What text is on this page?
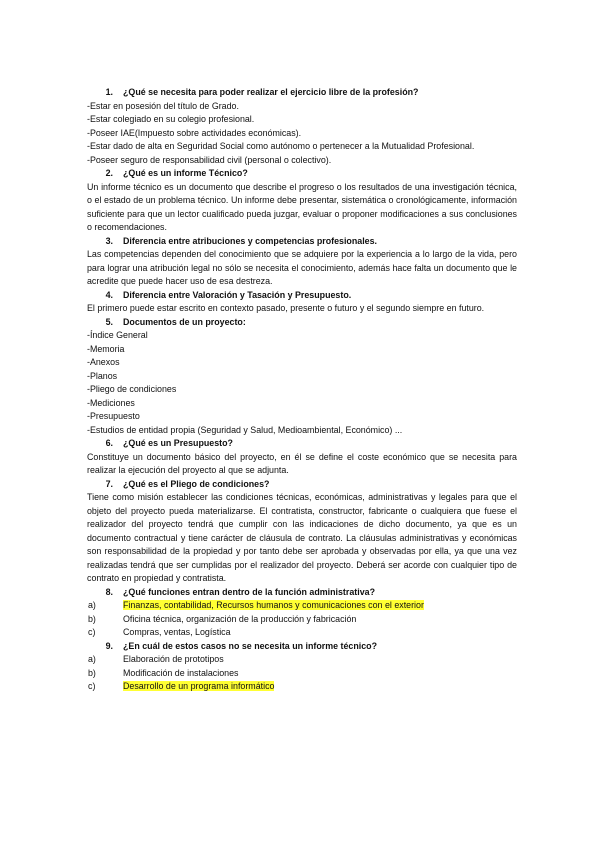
1. ¿Qué se necesita para poder realizar el ejercicio libre de la profesión?

-Estar en posesión del título de Grado.

-Estar colegiado en su colegio profesional.

-Poseer IAE(Impuesto sobre actividades económicas).

-Estar dado de alta en Seguridad Social como autónomo o pertenecer a la Mutualidad Profesional.

-Poseer seguro de responsabilidad civil (personal o colectivo).

2. ¿Qué es un informe Técnico?

Un informe técnico es un documento que describe el progreso o los resultados de una investigación técnica, o el estado de un problema técnico. Un informe debe presentar, sistemática o cronológicamente, información suficiente para que un lector cualificado pueda juzgar, evaluar o proponer modificaciones a sus conclusiones o recomendaciones.

3. Diferencia entre atribuciones y competencias profesionales.

Las competencias dependen del conocimiento que se adquiere por la experiencia a lo largo de la vida, pero para lograr una atribución legal no sólo se necesita el conocimiento, además hace falta un documento que le acredite que puede hacer uso de esa destreza.

4. Diferencia entre Valoración y Tasación y Presupuesto.

El primero puede estar escrito en contexto pasado, presente o futuro y el segundo siempre en futuro.

5. Documentos de un proyecto:

-Índice General

-Memoria

-Anexos

-Planos

-Pliego de condiciones

-Mediciones

-Presupuesto

-Estudios de entidad propia (Seguridad y Salud, Medioambiental, Económico) ...

6. ¿Qué es un Presupuesto?

Constituye un documento básico del proyecto, en él se define el coste económico que se necesita para realizar la ejecución del proyecto al que se adjunta.

7. ¿Qué es el Pliego de condiciones?

Tiene como misión establecer las condiciones técnicas, económicas, administrativas y legales para que el objeto del proyecto pueda materializarse. El contratista, constructor, fabricante o cualquiera que fuese el realizador del proyecto tendrá que cumplir con las indicaciones de dicho documento, ya que es un documento contractual y tiene carácter de cláusula de contrato. La cláusulas administrativas y económicas son responsabilidad de la propiedad y por tanto debe ser aprobada y observadas por ella, ya que una vez realizadas tendrá que ser cumplidas por el realizador del proyecto. Deberá ser acorde con cualquier tipo de contrato en propiedad y contratista.

8. ¿Qué funciones entran dentro de la función administrativa?
a)	Finanzas, contabilidad, Recursos humanos y comunicaciones con el exterior
b)	Oficina técnica, organización de la producción y fabricación
c)	Compras, ventas, Logística
9. ¿En cuál de estos casos no se necesita un informe técnico?
a)	Elaboración de prototipos
b)	Modificación de instalaciones
c)	Desarrollo de un programa informático
